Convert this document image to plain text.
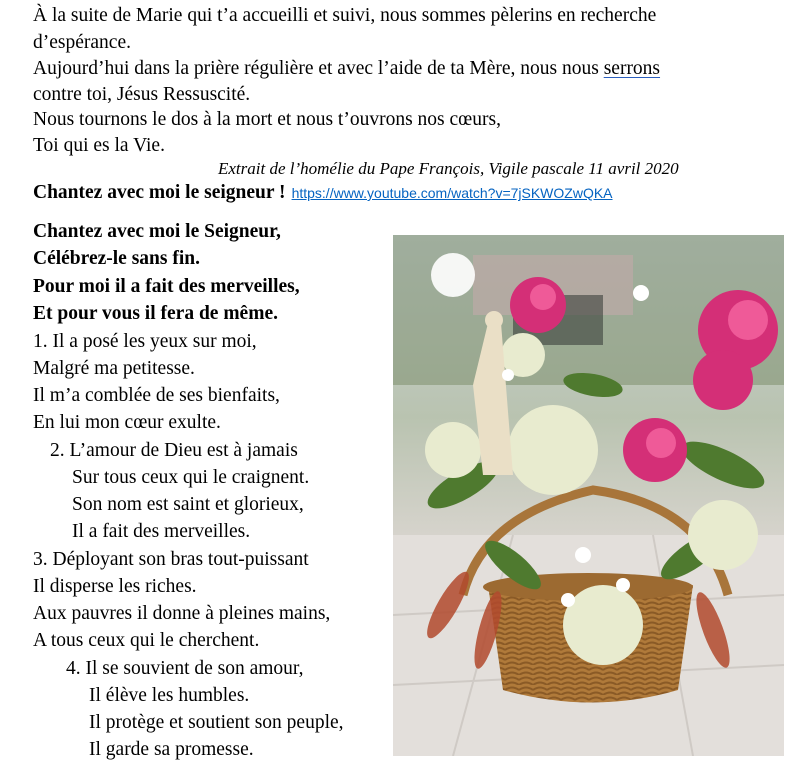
À la suite de Marie qui t’a accueilli et suivi, nous sommes pèlerins en recherche
d’espérance.
Aujourd’hui dans la prière régulière et avec l’aide de ta Mère, nous nous serrons
contre toi, Jésus Ressuscité.
Nous tournons le dos à la mort et nous t’ouvrons nos cœurs,
Toi qui es la Vie.
Extrait de l’homélie du Pape François, Vigile pascale 11 avril 2020
Chantez avec moi le seigneur ! https://www.youtube.com/watch?v=7jSKWOZwQKA
Chantez avec moi le Seigneur,
Célébrez-le sans fin.
Pour moi il a fait des merveilles,
Et pour vous il fera de même.
1. Il a posé les yeux sur moi,
Malgré ma petitesse.
Il m’a comblée de ses bienfaits,
En lui mon cœur exulte.
2. L’amour de Dieu est à jamais
Sur tous ceux qui le craignent.
Son nom est saint et glorieux,
Il a fait des merveilles.
3. Déployant son bras tout-puissant
Il disperse les riches.
Aux pauvres il donne à pleines mains,
A tous ceux qui le cherchent.
4. Il se souvient de son amour,
Il élève les humbles.
Il protège et soutient son peuple,
Il garde sa promesse.
